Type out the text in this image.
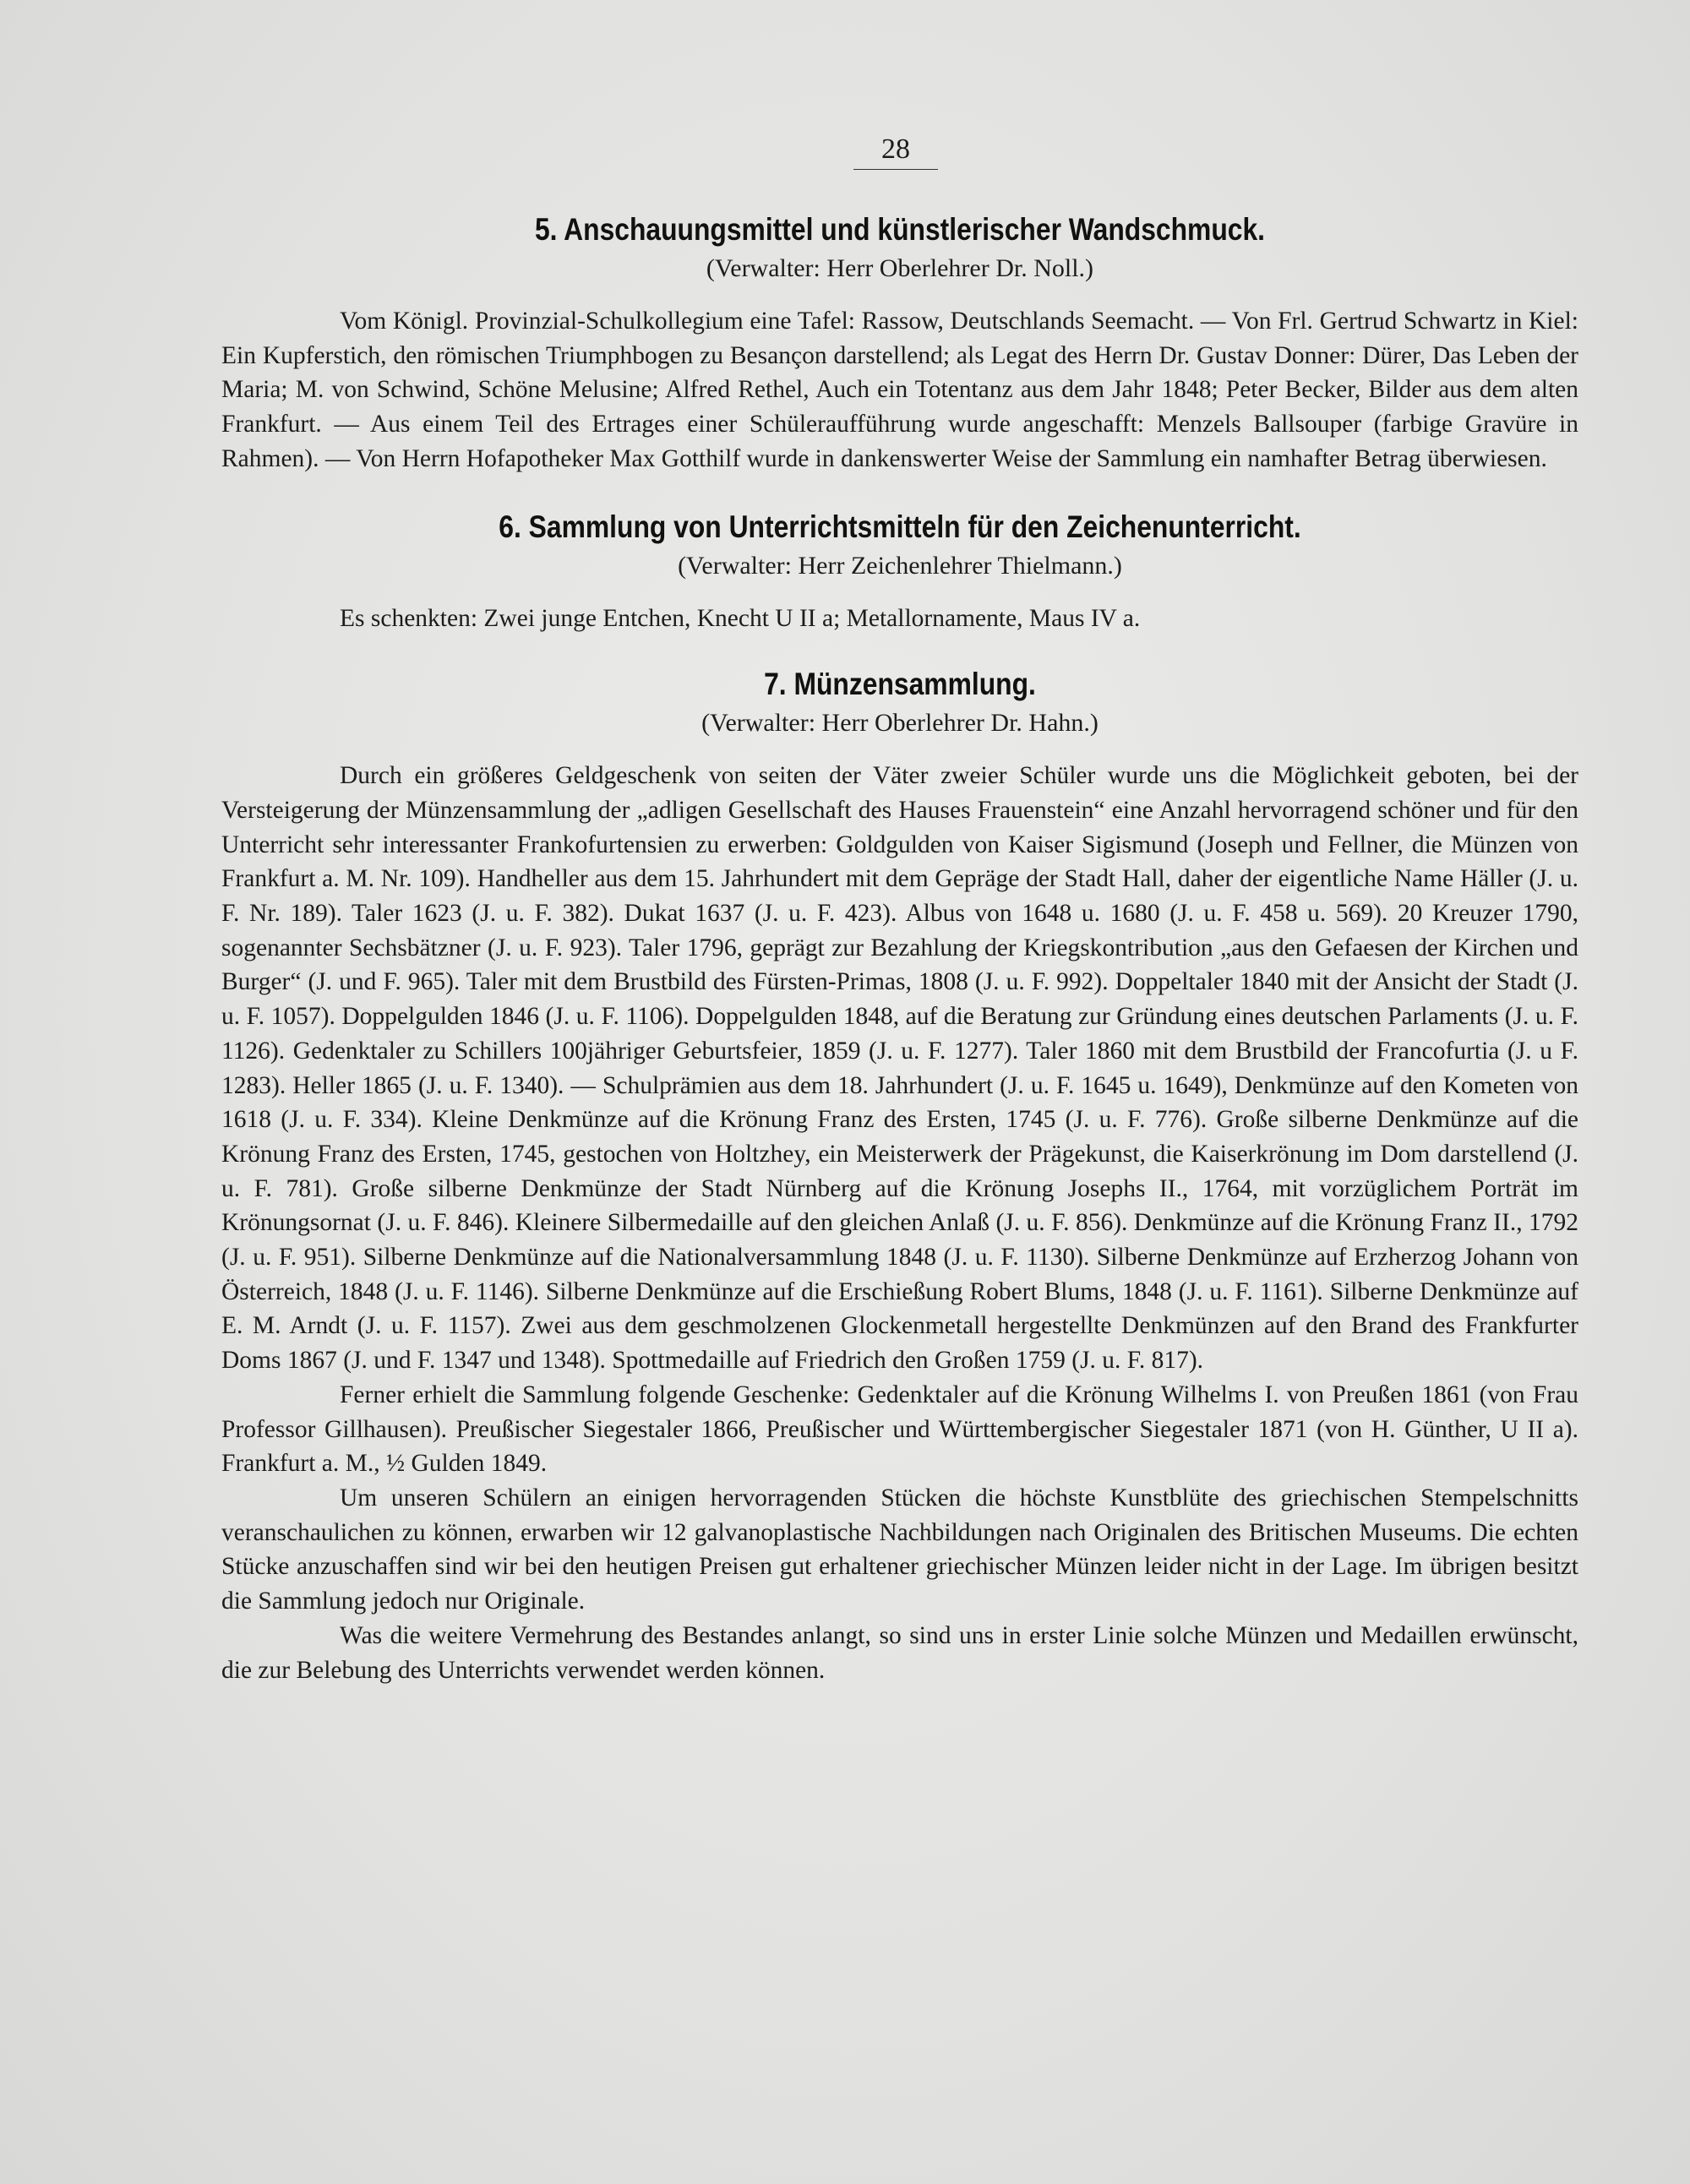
28
5. Anschauungsmittel und künstlerischer Wandschmuck.
(Verwalter: Herr Oberlehrer Dr. Noll.)

Vom Königl. Provinzial-Schulkollegium eine Tafel: Rassow, Deutschlands Seemacht. — Von Frl. Gertrud Schwartz in Kiel: Ein Kupferstich, den römischen Triumphbogen zu Besançon darstellend; als Legat des Herrn Dr. Gustav Donner: Dürer, Das Leben der Maria; M. von Schwind, Schöne Melusine; Alfred Rethel, Auch ein Totentanz aus dem Jahr 1848; Peter Becker, Bilder aus dem alten Frankfurt. — Aus einem Teil des Ertrages einer Schüleraufführung wurde angeschafft: Menzels Ballsouper (farbige Gravüre in Rahmen). — Von Herrn Hofapotheker Max Gotthilf wurde in dankenswerter Weise der Sammlung ein namhafter Betrag überwiesen.

6. Sammlung von Unterrichtsmitteln für den Zeichenunterricht.
(Verwalter: Herr Zeichenlehrer Thielmann.)

Es schenkten: Zwei junge Entchen, Knecht U II a; Metallornamente, Maus IV a.

7. Münzensammlung.
(Verwalter: Herr Oberlehrer Dr. Hahn.)

Durch ein größeres Geldgeschenk von seiten der Väter zweier Schüler wurde uns die Möglichkeit geboten, bei der Versteigerung der Münzensammlung der „adligen Gesellschaft des Hauses Frauenstein“ eine Anzahl hervorragend schöner und für den Unterricht sehr interessanter Frankofurtensien zu erwerben: Goldgulden von Kaiser Sigismund (Joseph und Fellner, die Münzen von Frankfurt a. M. Nr. 109). Handheller aus dem 15. Jahrhundert mit dem Gepräge der Stadt Hall, daher der eigentliche Name Häller (J. u. F. Nr. 189). Taler 1623 (J. u. F. 382). Dukat 1637 (J. u. F. 423). Albus von 1648 u. 1680 (J. u. F. 458 u. 569). 20 Kreuzer 1790, sogenannter Sechsbätzner (J. u. F. 923). Taler 1796, geprägt zur Bezahlung der Kriegskontribution „aus den Gefaesen der Kirchen und Burger“ (J. und F. 965). Taler mit dem Brustbild des Fürsten-Primas, 1808 (J. u. F. 992). Doppeltaler 1840 mit der Ansicht der Stadt (J. u. F. 1057). Doppelgulden 1846 (J. u. F. 1106). Doppelgulden 1848, auf die Beratung zur Gründung eines deutschen Parlaments (J. u. F. 1126). Gedenktaler zu Schillers 100jähriger Geburtsfeier, 1859 (J. u. F. 1277). Taler 1860 mit dem Brustbild der Francofurtia (J. u F. 1283). Heller 1865 (J. u. F. 1340). — Schulprämien aus dem 18. Jahrhundert (J. u. F. 1645 u. 1649), Denkmünze auf den Kometen von 1618 (J. u. F. 334). Kleine Denkmünze auf die Krönung Franz des Ersten, 1745 (J. u. F. 776). Große silberne Denkmünze auf die Krönung Franz des Ersten, 1745, gestochen von Holtzhey, ein Meisterwerk der Prägekunst, die Kaiserkrönung im Dom darstellend (J. u. F. 781). Große silberne Denkmünze der Stadt Nürnberg auf die Krönung Josephs II., 1764, mit vorzüglichem Porträt im Krönungsornat (J. u. F. 846). Kleinere Silbermedaille auf den gleichen Anlaß (J. u. F. 856). Denkmünze auf die Krönung Franz II., 1792 (J. u. F. 951). Silberne Denkmünze auf die Nationalversammlung 1848 (J. u. F. 1130). Silberne Denkmünze auf Erzherzog Johann von Österreich, 1848 (J. u. F. 1146). Silberne Denkmünze auf die Erschießung Robert Blums, 1848 (J. u. F. 1161). Silberne Denkmünze auf E. M. Arndt (J. u. F. 1157). Zwei aus dem geschmolzenen Glockenmetall hergestellte Denkmünzen auf den Brand des Frankfurter Doms 1867 (J. und F. 1347 und 1348). Spottmedaille auf Friedrich den Großen 1759 (J. u. F. 817).

Ferner erhielt die Sammlung folgende Geschenke: Gedenktaler auf die Krönung Wilhelms I. von Preußen 1861 (von Frau Professor Gillhausen). Preußischer Siegestaler 1866, Preußischer und Württembergischer Siegestaler 1871 (von H. Günther, U II a). Frankfurt a. M., ½ Gulden 1849.

Um unseren Schülern an einigen hervorragenden Stücken die höchste Kunstblüte des griechischen Stempelschnitts veranschaulichen zu können, erwarben wir 12 galvanoplastische Nachbildungen nach Originalen des Britischen Museums. Die echten Stücke anzuschaffen sind wir bei den heutigen Preisen gut erhaltener griechischer Münzen leider nicht in der Lage. Im übrigen besitzt die Sammlung jedoch nur Originale.

Was die weitere Vermehrung des Bestandes anlangt, so sind uns in erster Linie solche Münzen und Medaillen erwünscht, die zur Belebung des Unterrichts verwendet werden können.
